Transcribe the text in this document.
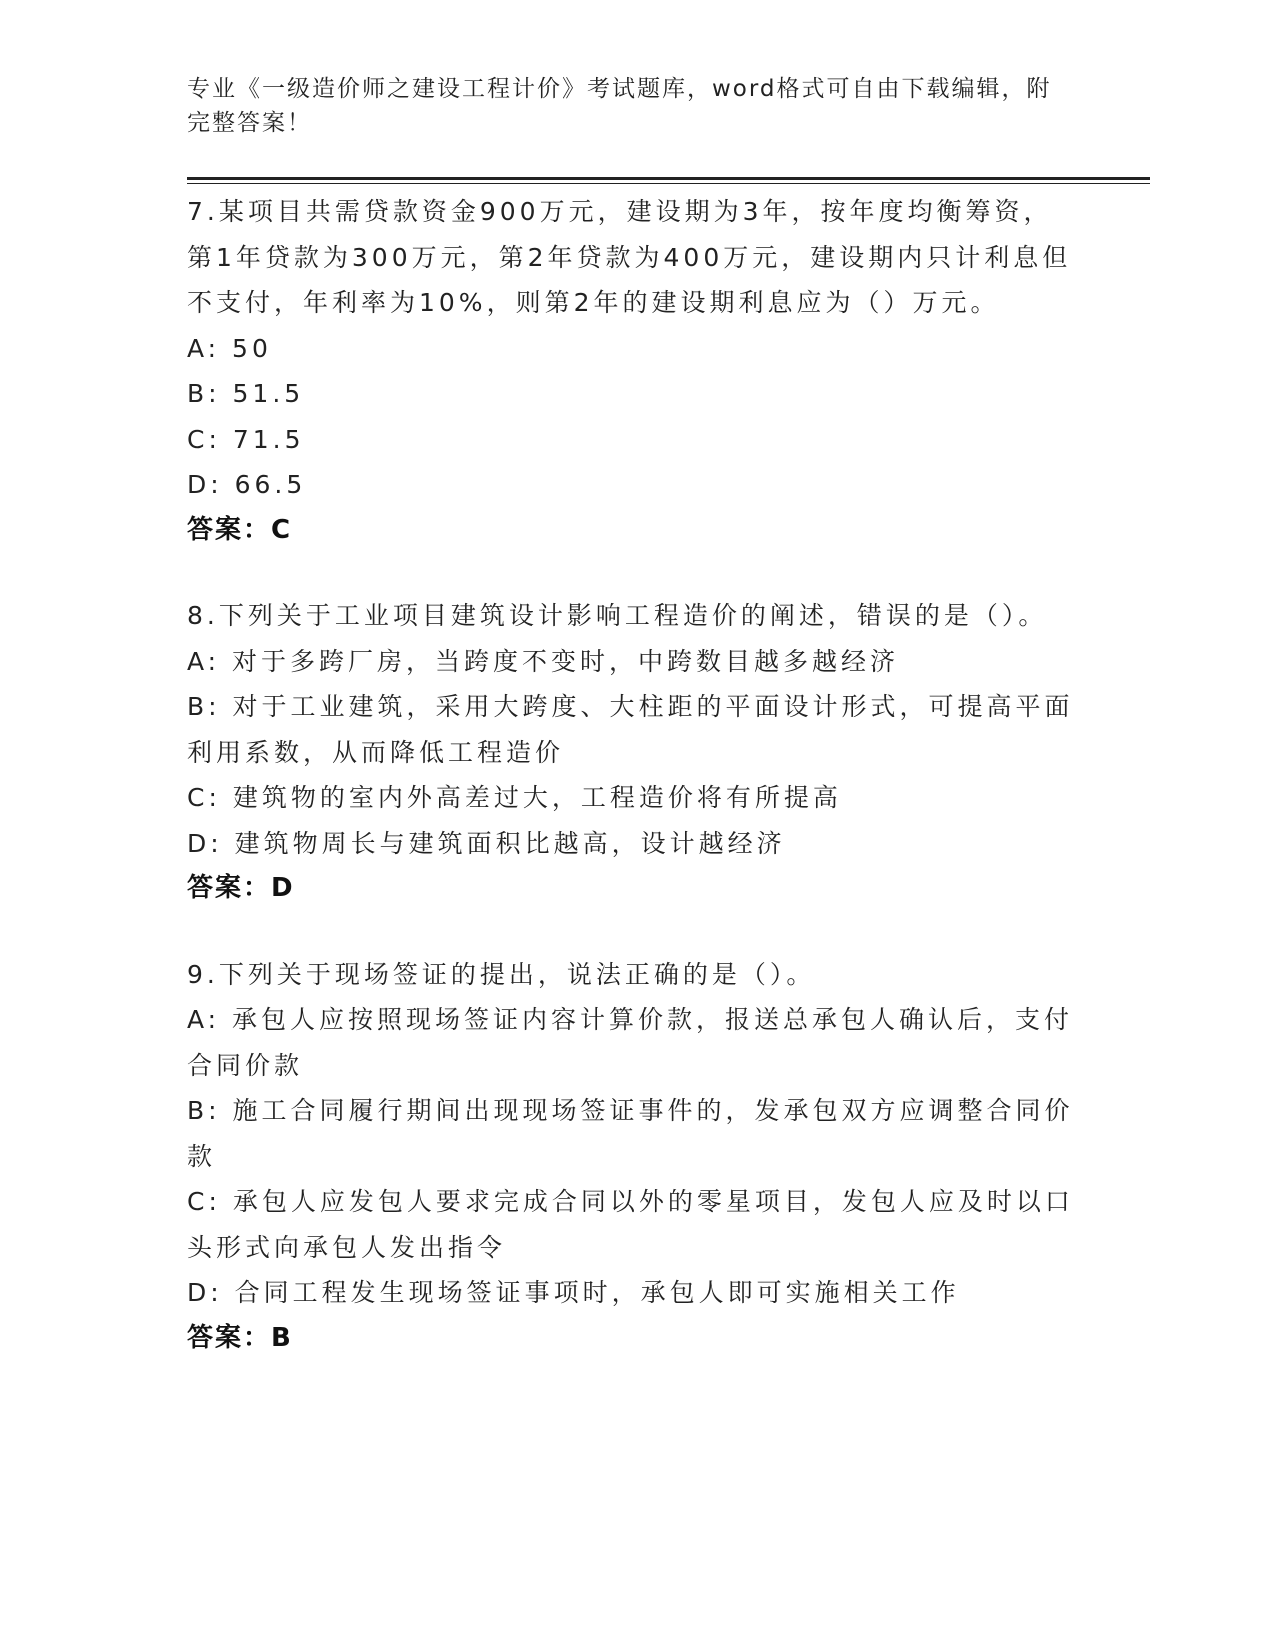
专业《一级造价师之建设工程计价》考试题库，word格式可自由下载编辑，附完整答案！
7.某项目共需贷款资金900万元，建设期为3年，按年度均衡筹资，第1年贷款为300万元，第2年贷款为400万元，建设期内只计利息但不支付，年利率为10%，则第2年的建设期利息应为（）万元。
A: 50
B: 51.5
C: 71.5
D: 66.5
答案：C
8.下列关于工业项目建筑设计影响工程造价的阐述，错误的是（）。
A: 对于多跨厂房，当跨度不变时，中跨数目越多越经济
B: 对于工业建筑，采用大跨度、大柱距的平面设计形式，可提高平面利用系数，从而降低工程造价
C: 建筑物的室内外高差过大，工程造价将有所提高
D: 建筑物周长与建筑面积比越高，设计越经济
答案：D
9.下列关于现场签证的提出，说法正确的是（）。
A: 承包人应按照现场签证内容计算价款，报送总承包人确认后，支付合同价款
B: 施工合同履行期间出现现场签证事件的，发承包双方应调整合同价款
C: 承包人应发包人要求完成合同以外的零星项目，发包人应及时以口头形式向承包人发出指令
D: 合同工程发生现场签证事项时，承包人即可实施相关工作
答案：B
